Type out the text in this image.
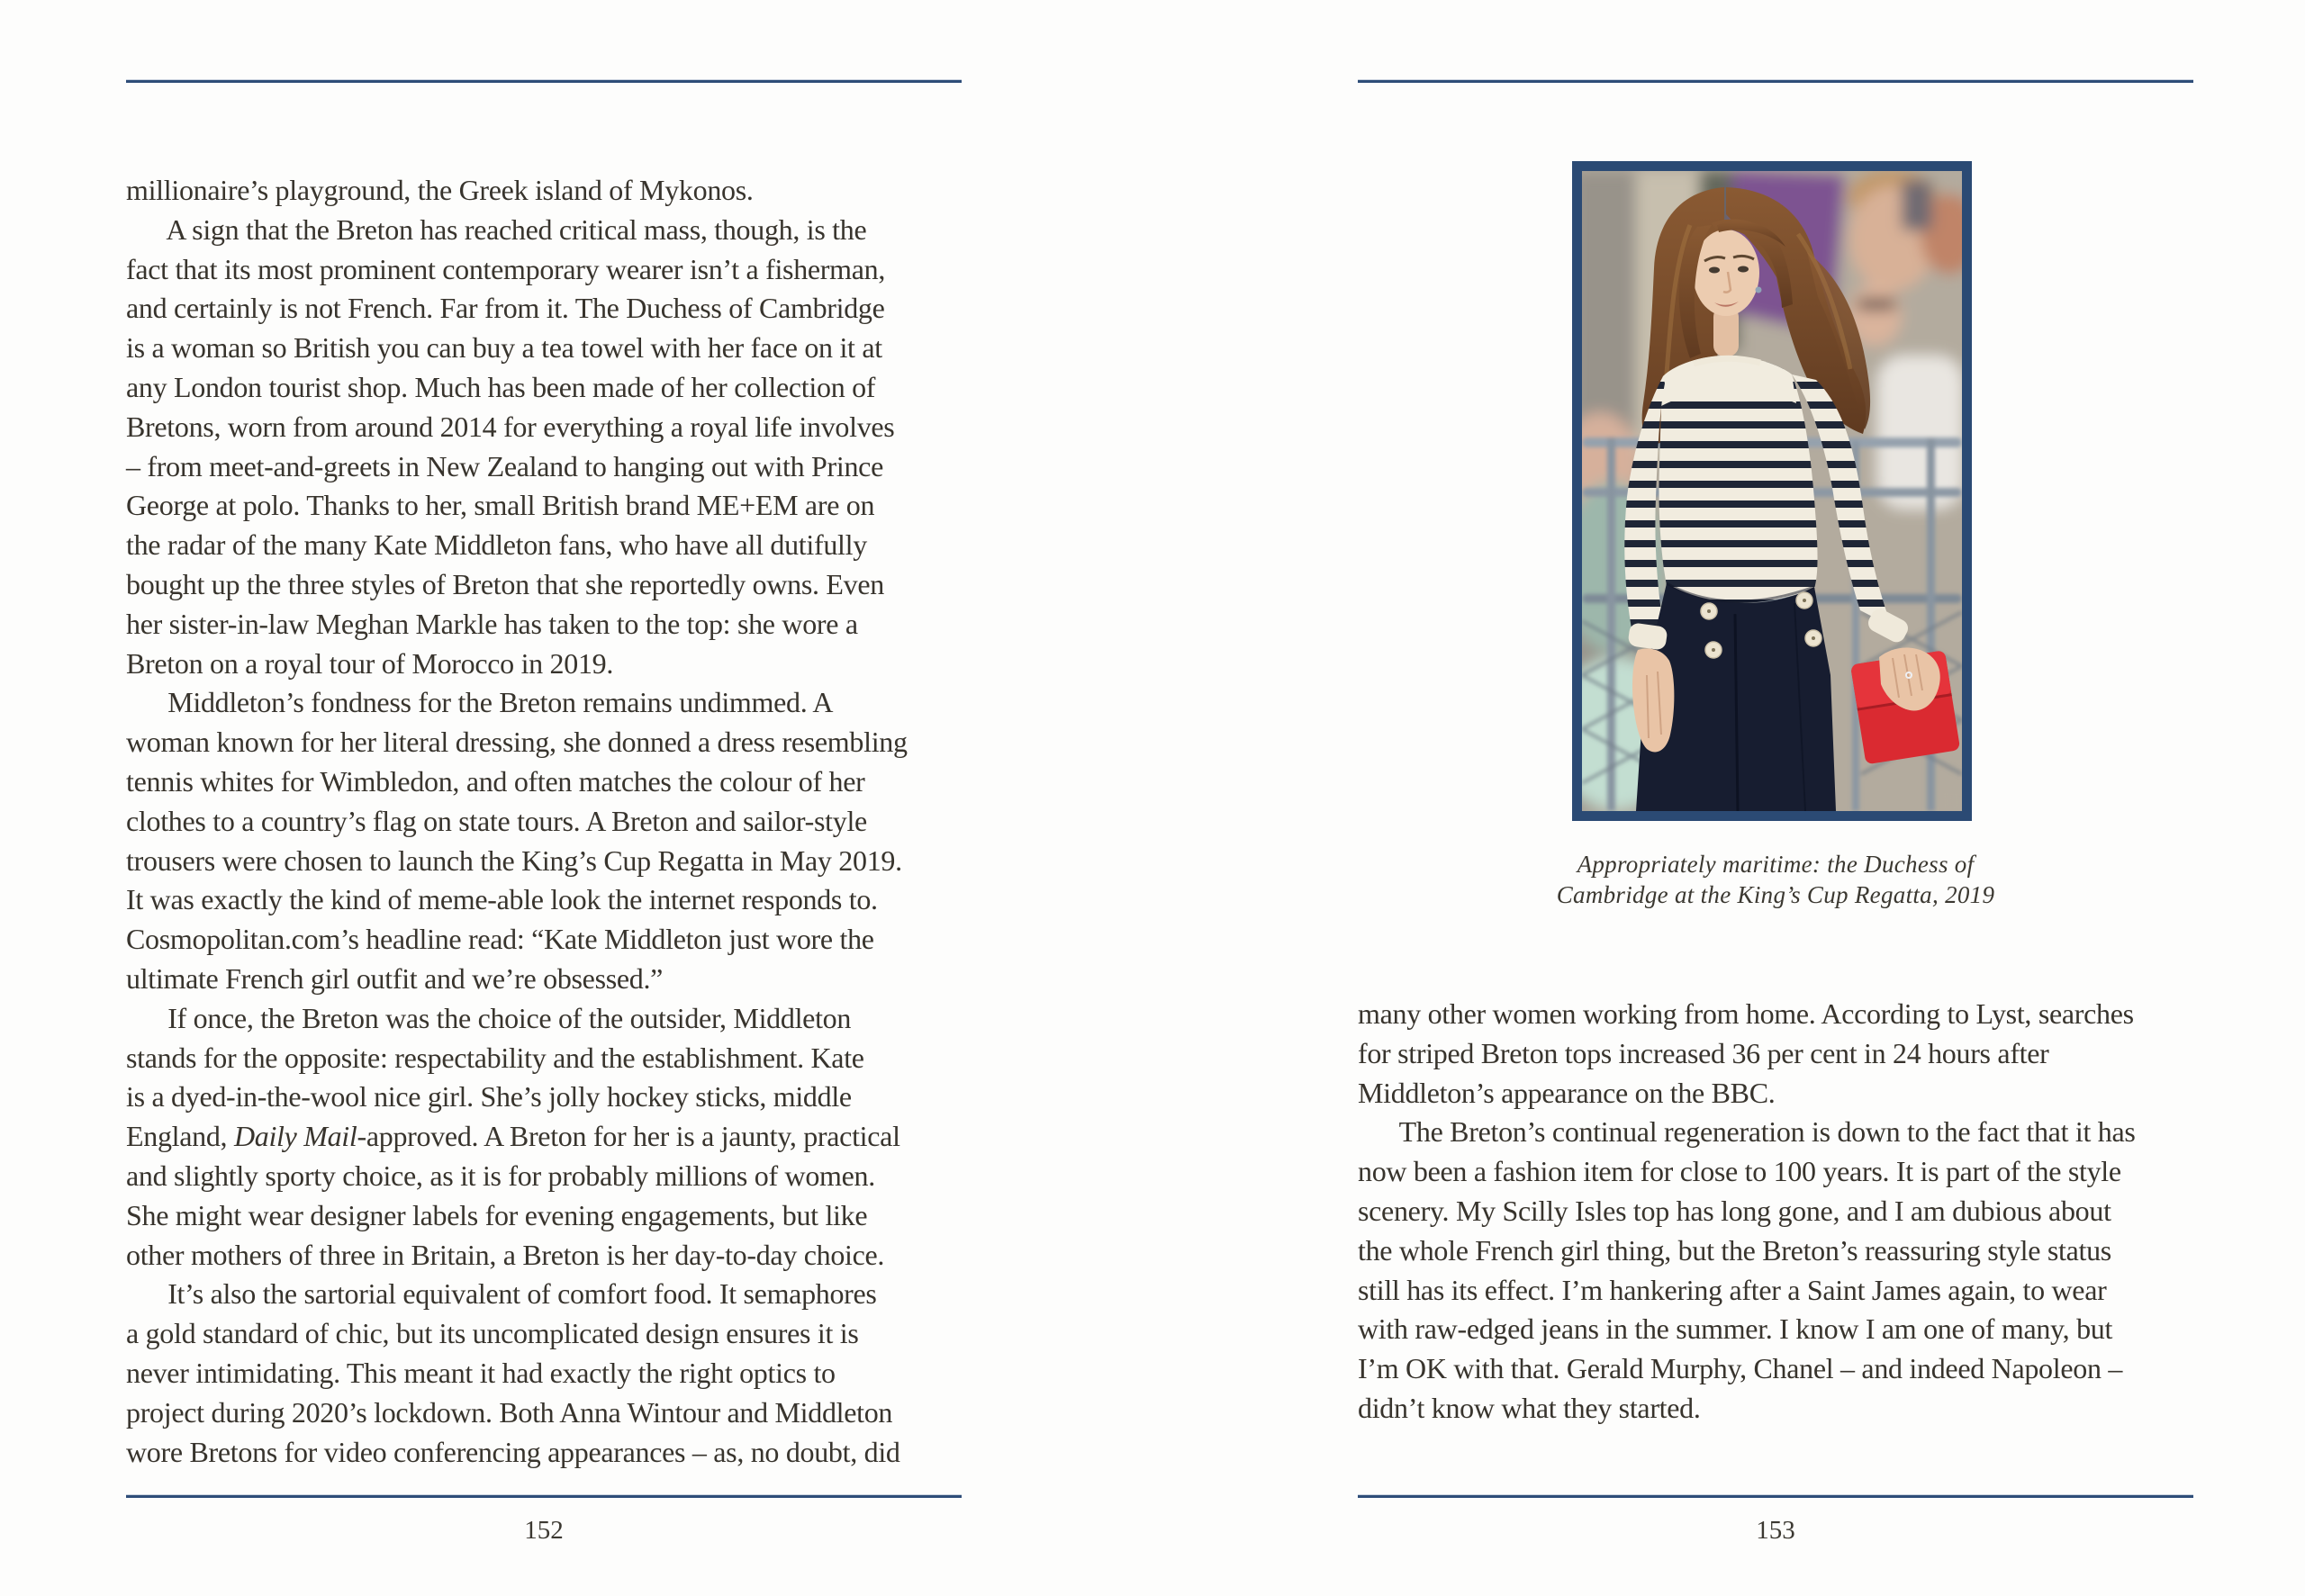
millionaire’s playground, the Greek island of Mykonos.
A sign that the Breton has reached critical mass, though, is the
fact that its most prominent contemporary wearer isn’t a fisherman,
and certainly is not French. Far from it. The Duchess of Cambridge
is a woman so British you can buy a tea towel with her face on it at
any London tourist shop. Much has been made of her collection of
Bretons, worn from around 2014 for everything a royal life involves
– from meet-and-greets in New Zealand to hanging out with Prince
George at polo. Thanks to her, small British brand ME+EM are on
the radar of the many Kate Middleton fans, who have all dutifully
bought up the three styles of Breton that she reportedly owns. Even
her sister-in-law Meghan Markle has taken to the top: she wore a
Breton on a royal tour of Morocco in 2019.
Middleton’s fondness for the Breton remains undimmed. A
woman known for her literal dressing, she donned a dress resembling
tennis whites for Wimbledon, and often matches the colour of her
clothes to a country’s flag on state tours. A Breton and sailor-style
trousers were chosen to launch the King’s Cup Regatta in May 2019.
It was exactly the kind of meme-able look the internet responds to.
Cosmopolitan.com’s headline read: “Kate Middleton just wore the
ultimate French girl outfit and we’re obsessed.”
If once, the Breton was the choice of the outsider, Middleton
stands for the opposite: respectability and the establishment. Kate
is a dyed-in-the-wool nice girl. She’s jolly hockey sticks, middle
England, Daily Mail-approved. A Breton for her is a jaunty, practical
and slightly sporty choice, as it is for probably millions of women.
She might wear designer labels for evening engagements, but like
other mothers of three in Britain, a Breton is her day-to-day choice.
It’s also the sartorial equivalent of comfort food. It semaphores
a gold standard of chic, but its uncomplicated design ensures it is
never intimidating. This meant it had exactly the right optics to
project during 2020’s lockdown. Both Anna Wintour and Middleton
wore Bretons for video conferencing appearances – as, no doubt, did
152
Appropriately maritime: the Duchess of
Cambridge at the King’s Cup Regatta, 2019
many other women working from home. According to Lyst, searches
for striped Breton tops increased 36 per cent in 24 hours after
Middleton’s appearance on the BBC.
The Breton’s continual regeneration is down to the fact that it has
now been a fashion item for close to 100 years. It is part of the style
scenery. My Scilly Isles top has long gone, and I am dubious about
the whole French girl thing, but the Breton’s reassuring style status
still has its effect. I’m hankering after a Saint James again, to wear
with raw-edged jeans in the summer. I know I am one of many, but
I’m OK with that. Gerald Murphy, Chanel – and indeed Napoleon –
didn’t know what they started.
153
